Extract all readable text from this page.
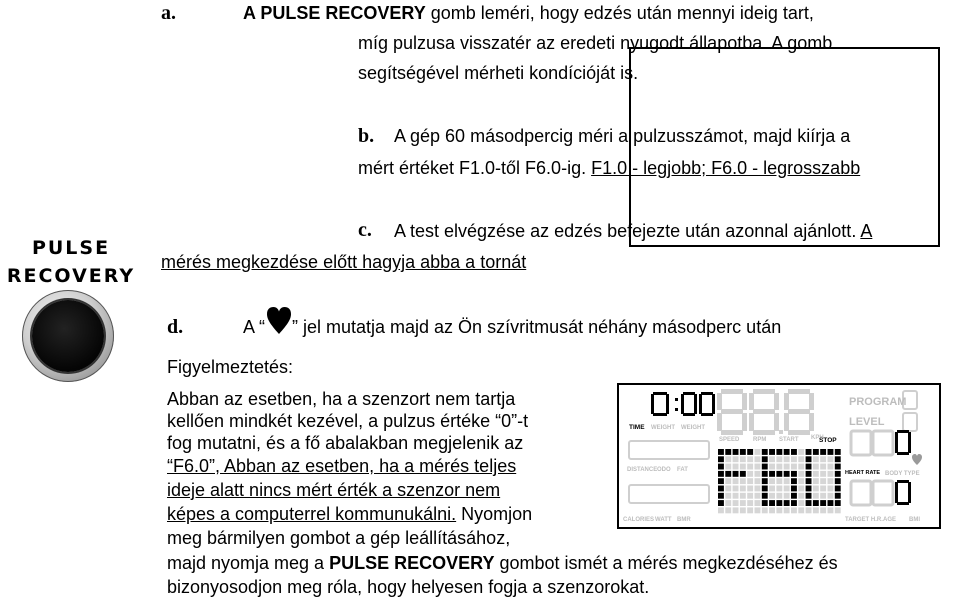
a.	A PULSE RECOVERY gomb leméri, hogy edzés után mennyi ideig tart,
míg pulzusa visszatér az eredeti nyugodt állapotba. A gomb
segítségével mérheti kondícióját is.
b. A gép 60 másodpercig méri a pulzusszámot, majd kiírja a
mért értéket F1.0-től F6.0-ig. F1.0 - legjobb; F6.0 - legrosszabb
c. A test elvégzése az edzés befejezte után azonnal ajánlott. A
mérés megkezdése előtt hagyja abba a tornát
PULSE
RECOVERY
d.	A “ ” jel mutatja majd az Ön szívritmusát néhány másodperc után
Figyelmeztetés:
Abban az esetben, ha a szenzort nem tartja
kellően mindkét kezével, a pulzus értéke “0”-t
fog mutatni, és a fő abalakban megjelenik az
“F6.0”, Abban az esetben, ha a mérés teljes
ideje alatt nincs mért érték a szenzor nem
képes a computerrel kommunukálni. Nyomjon
meg bármilyen gombot a gép leállításához,
majd nyomja meg a PULSE RECOVERY gombot ismét a mérés megkezdéséhez és
bizonyosodjon meg róla, hogy helyesen fogja a szenzorokat.
WEIGHT WEIGHT
SPEED RPM START
DISTANCE ODO FAT
CALORIES WATT BMR
BODY TYPE
TARGET H.R. AGE BMI
PROGRAM
LEVEL
KPH
TIME
STOP
HEART RATE
